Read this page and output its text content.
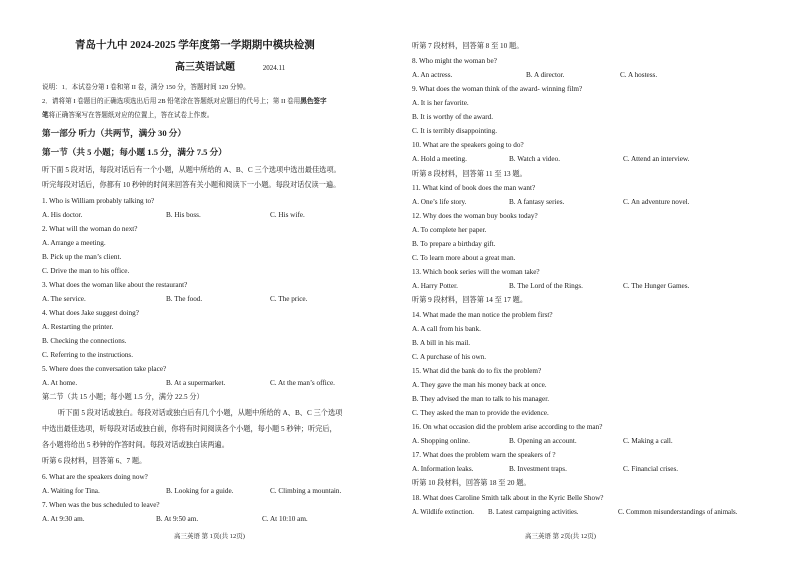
青岛十九中 2024-2025 学年度第一学期期中模块检测
高三英语试题	2024.11
说明：1．本试卷分第 I 卷和第 II 卷，满分 150 分，答题时间 120 分钟。
2．请将第 I 卷题目的正确选项选出后用 2B 铅笔涂在答题纸对应题目的代号上；第 II 卷用黑色签字
笔将正确答案写在答题纸对应的位置上，答在试卷上作废。
第一部分 听力（共两节，满分 30 分）
第一节（共 5 小题；每小题 1.5 分，满分 7.5 分）
听下面 5 段对话，每段对话后有一个小题，从题中所给的 A、B、C 三个选项中选出最佳选项。
听完每段对话后，你都有 10 秒钟的时间来回答有关小题和阅读下一小题。每段对话仅读一遍。
1. Who is William probably talking to?
A. His doctor.	B. His boss.	C. His wife.
2. What will the woman do next?
A. Arrange a meeting.
B. Pick up the man’s client.
C. Drive the man to his office.
3. What does the woman like about the restaurant?
A. The service.	B. The food.	C. The price.
4. What does Jake suggest doing?
A. Restarting the printer.
B. Checking the connections.
C. Referring to the instructions.
5. Where does the conversation take place?
A. At home.	B. At a supermarket.	C. At the man’s office.
第二节（共 15 小题；每小题 1.5 分，满分 22.5 分）
听下面 5 段对话或独白。每段对话或独白后有几个小题，从题中所给的 A、B、C 三个选项
中选出最佳选项，听每段对话或独白前，你将有时间阅读各个小题，每小题 5 秒钟；听完后，
各小题将给出 5 秒钟的作答时间。每段对话或独白读两遍。
听第 6 段材料，回答第 6、7 题。
6. What are the speakers doing now?
A. Waiting for Tina.	B. Looking for a guide.	C. Climbing a mountain.
7. When was the bus scheduled to leave?
A. At 9:30 am.	B. At 9:50 am.	C. At 10:10 am.
听第 7 段材料，回答第 8 至 10 题。
8. Who might the woman be?
A. An actress.	B. A director.	C. A hostess.
9. What does the woman think of the award- winning film?
A. It is her favorite.
B. It is worthy of the award.
C. It is terribly disappointing.
10. What are the speakers going to do?
A. Hold a meeting.	B. Watch a video.	C. Attend an interview.
听第 8 段材料，回答第 11 至 13 题。
11. What kind of book does the man want?
A. One’s life story.	B. A fantasy series.	C. An adventure novel.
12. Why does the woman buy books today?
A. To complete her paper.
B. To prepare a birthday gift.
C. To learn more about a great man.
13. Which book series will the woman take?
A. Harry Potter.	B. The Lord of the Rings.	C. The Hunger Games.
听第 9 段材料，回答第 14 至 17 题。
14. What made the man notice the problem first?
A. A call from his bank.
B. A bill in his mail.
C. A purchase of his own.
15. What did the bank do to fix the problem?
A. They gave the man his money back at once.
B. They advised the man to talk to his manager.
C. They asked the man to provide the evidence.
16. On what occasion did the problem arise according to the man?
A. Shopping online.	B. Opening an account.	C. Making a call.
17. What does the problem warn the speakers of ?
A. Information leaks.	B. Investment traps.	C. Financial crises.
听第 10 段材料，回答第 18 至 20 题。
18. What does Caroline Smith talk about in the Kyric Belle Show?
A. Wildlife extinction. B. Latest campaigning activities.	C. Common misunderstandings of animals.
高三英语 第 1页(共 12页)	高三英语 第 2页(共 12页)
